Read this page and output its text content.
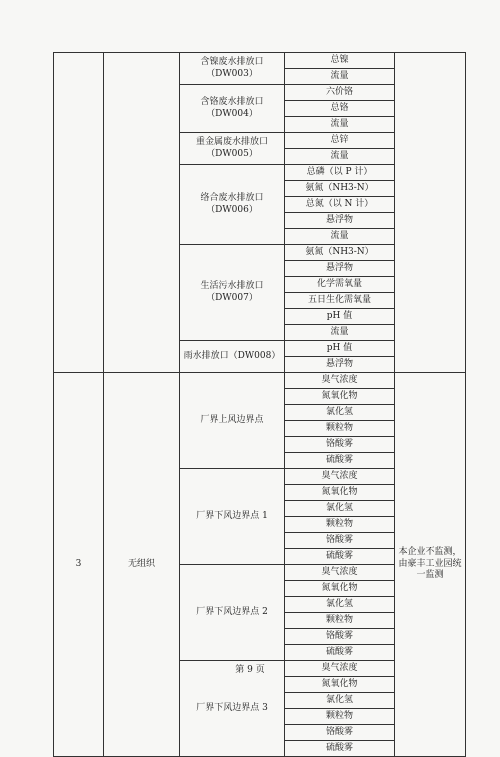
		含镍废水排放口
（DW003）	总镍	
			流量	
		含铬废水排放口
（DW004）	六价铬	
			总铬	
			流量	
		重金属废水排放口
（DW005）	总锌	
			流量	
		络合废水排放口
（DW006）	总磷（以 P 计）	
			氨氮（NH3-N）	
			总氮（以 N 计）	
			悬浮物	
			流量	
		生活污水排放口
（DW007）	氨氮（NH3-N）	
			悬浮物	
			化学需氧量	
			五日生化需氧量	
			pH 值	
			流量	
		雨水排放口（DW008）	pH 值	
			悬浮物	
3	无组织	厂界上风边界点	臭气浓度	本企业不监测，由豪丰工业园统一监测
			氮氧化物	
			氯化氢	
			颗粒物	
			铬酸雾	
			硫酸雾	
		厂界下风边界点 1	臭气浓度	
			氮氧化物	
			氯化氢	
			颗粒物	
			铬酸雾	
			硫酸雾	
		厂界下风边界点 2	臭气浓度	
			氮氧化物	
			氯化氢	
			颗粒物	
			铬酸雾	
			硫酸雾	
		厂界下风边界点 3	臭气浓度	
			氮氧化物	
			氯化氢	
			颗粒物	
			铬酸雾	
			硫酸雾	
第 9 页
